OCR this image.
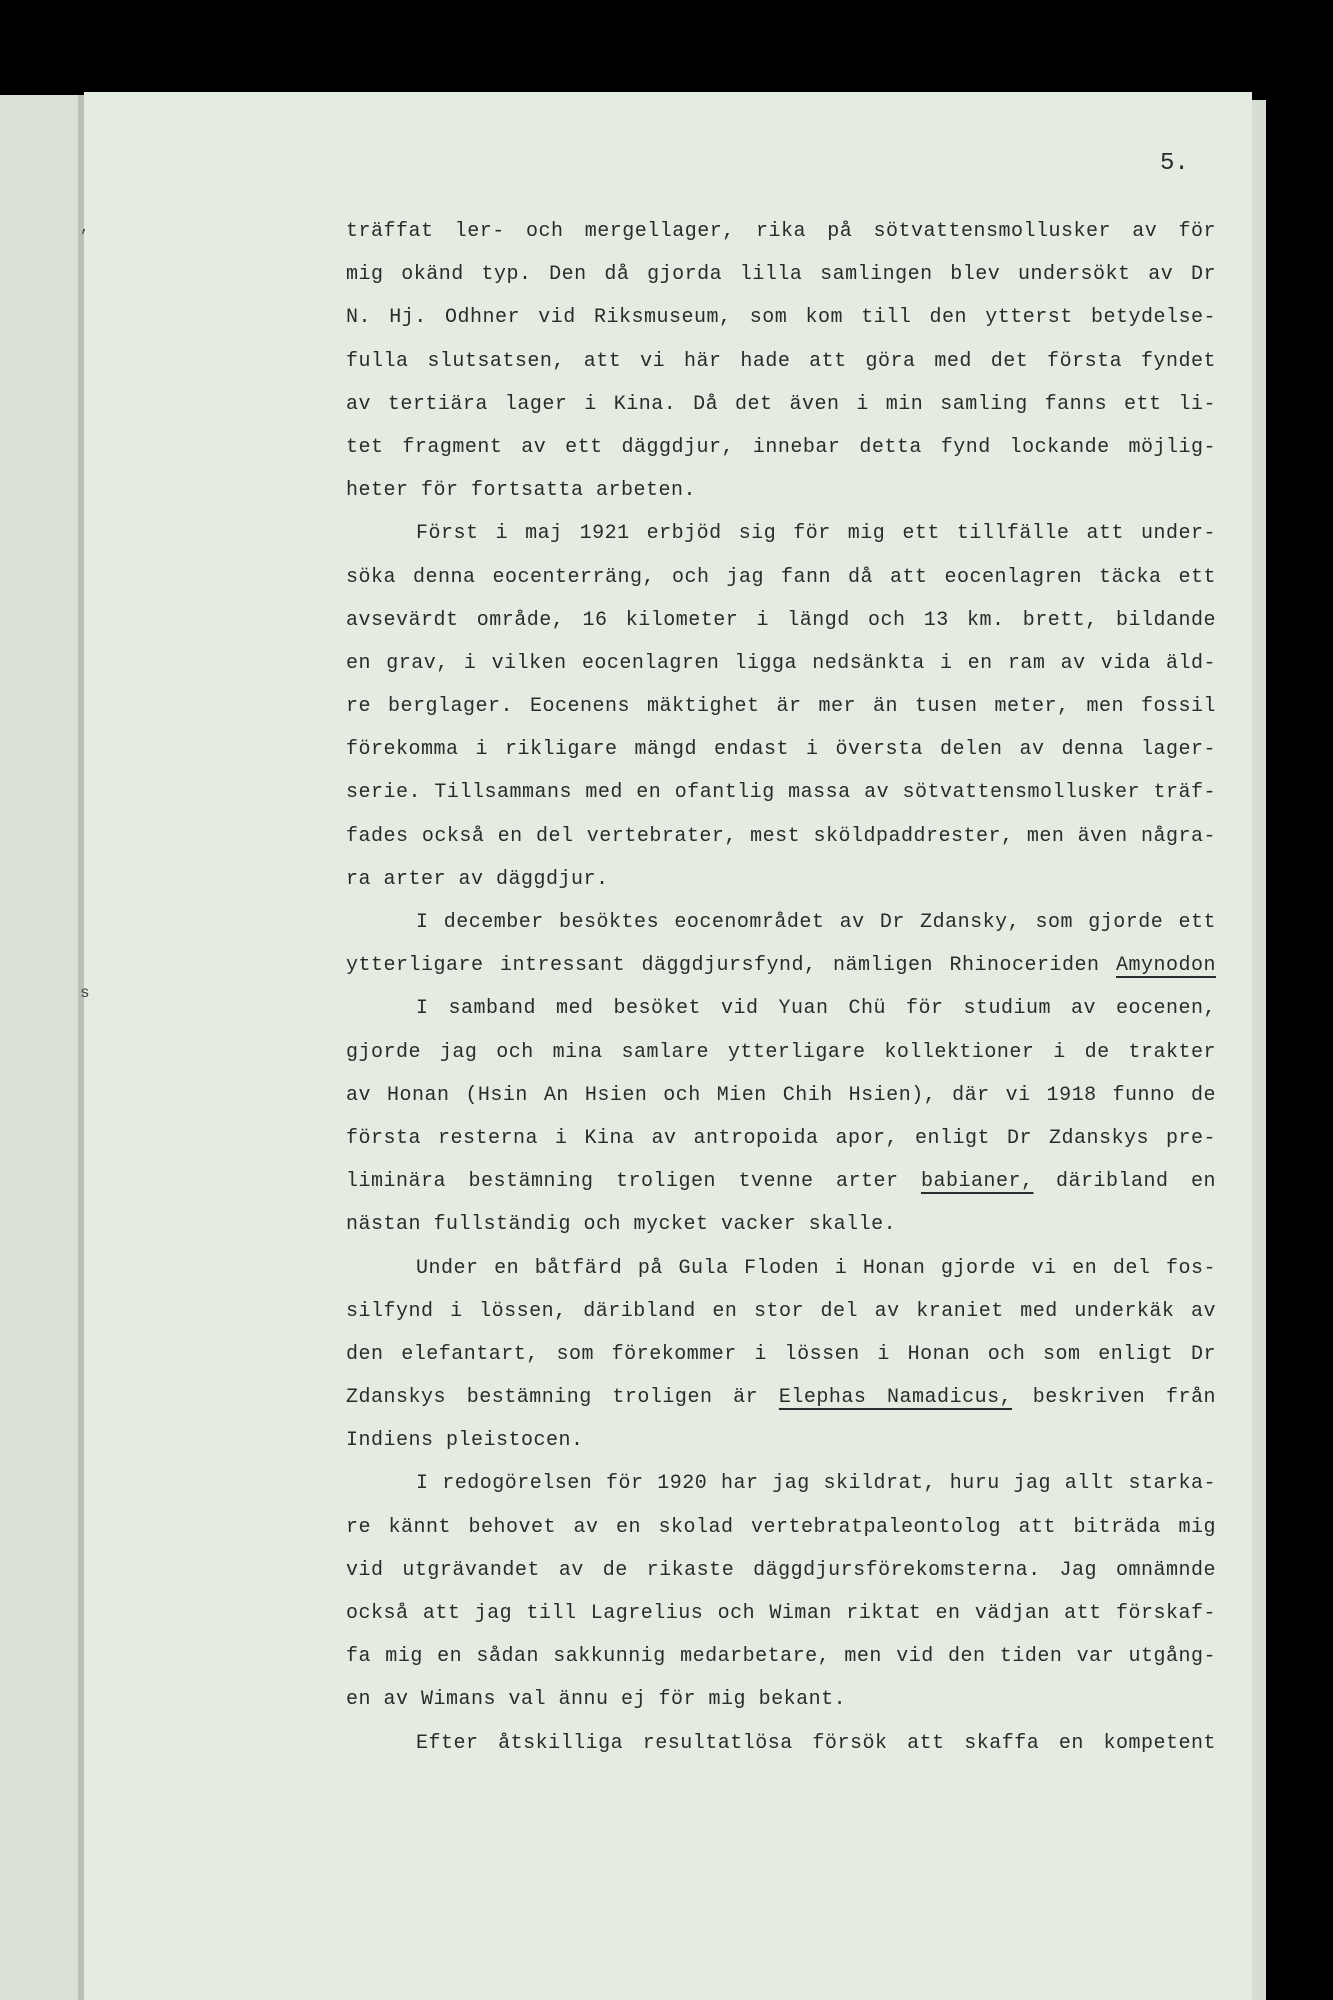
5.
,
s
träffat ler- och mergellager, rika på sötvattensmollusker av för
mig okänd typ. Den då gjorda lilla samlingen blev undersökt av Dr
N. Hj. Odhner vid Riksmuseum, som kom till den ytterst betydelse-
fulla slutsatsen, att vi här hade att göra med det första fyndet
av tertiära lager i Kina. Då det även i min samling fanns ett li-
tet fragment av ett däggdjur, innebar detta fynd lockande möjlig-
heter för fortsatta arbeten.
Först i maj 1921 erbjöd sig för mig ett tillfälle att under-
söka denna eocenterräng, och jag fann då att eocenlagren täcka ett
avsevärdt område, 16 kilometer i längd och 13 km. brett, bildande
en grav, i vilken eocenlagren ligga nedsänkta i en ram av vida äld-
re berglager. Eocenens mäktighet är mer än tusen meter, men fossil
förekomma i rikligare mängd endast i översta delen av denna lager-
serie. Tillsammans med en ofantlig massa av sötvattensmollusker träf-
fades också en del vertebrater, mest sköldpaddrester, men även några-
ra arter av däggdjur.
I december besöktes eocenområdet av Dr Zdansky, som gjorde ett
ytterligare intressant däggdjursfynd, nämligen Rhinoceriden Amynodon
I samband med besöket vid Yuan Chü för studium av eocenen,
gjorde jag och mina samlare ytterligare kollektioner i de trakter
av Honan (Hsin An Hsien och Mien Chih Hsien), där vi 1918 funno de
första resterna i Kina av antropoida apor, enligt Dr Zdanskys pre-
liminära bestämning troligen tvenne arter babianer, däribland en
nästan fullständig och mycket vacker skalle.
Under en båtfärd på Gula Floden i Honan gjorde vi en del fos-
silfynd i lössen, däribland en stor del av kraniet med underkäk av
den elefantart, som förekommer i lössen i Honan och som enligt Dr
Zdanskys bestämning troligen är Elephas Namadicus, beskriven från
Indiens pleistocen.
I redogörelsen för 1920 har jag skildrat, huru jag allt starka-
re kännt behovet av en skolad vertebratpaleontolog att biträda mig
vid utgrävandet av de rikaste däggdjursförekomsterna. Jag omnämnde
också att jag till Lagrelius och Wiman riktat en vädjan att förskaf-
fa mig en sådan sakkunnig medarbetare, men vid den tiden var utgång-
en av Wimans val ännu ej för mig bekant.
Efter åtskilliga resultatlösa försök att skaffa en kompetent
